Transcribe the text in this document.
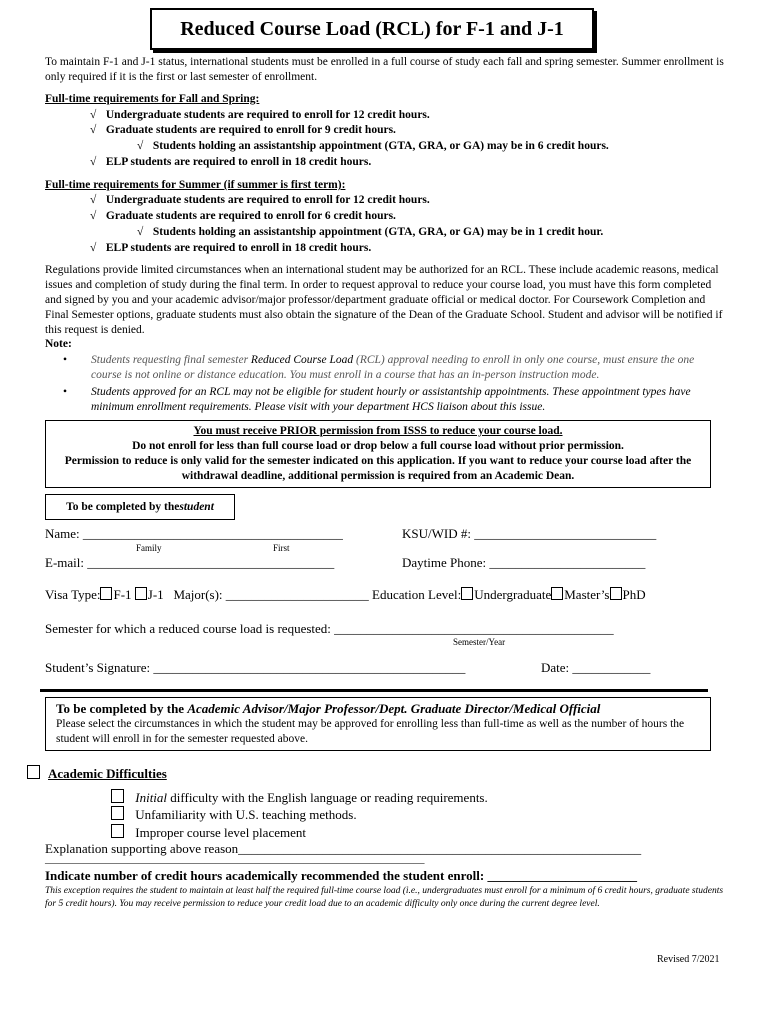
Reduced Course Load (RCL) for F-1 and J-1
To maintain F-1 and J-1 status, international students must be enrolled in a full course of study each fall and spring semester. Summer enrollment is only required if it is the first or last semester of enrollment.
Full-time requirements for Fall and Spring:
√ Undergraduate students are required to enroll for 12 credit hours.
√ Graduate students are required to enroll for 9 credit hours.
√ Students holding an assistantship appointment (GTA, GRA, or GA) may be in 6 credit hours.
√ ELP students are required to enroll in 18 credit hours.
Full-time requirements for Summer (if summer is first term):
√ Undergraduate students are required to enroll for 12 credit hours.
√ Graduate students are required to enroll for 6 credit hours.
√ Students holding an assistantship appointment (GTA, GRA, or GA) may be in 1 credit hour.
√ ELP students are required to enroll in 18 credit hours.
Regulations provide limited circumstances when an international student may be authorized for an RCL. These include academic reasons, medical issues and completion of study during the final term. In order to request approval to reduce your course load, you must have this form completed and signed by you and your academic advisor/major professor/department graduate official or medical doctor. For Coursework Completion and Final Semester options, graduate students must also obtain the signature of the Dean of the Graduate School. Student and advisor will be notified if this request is denied.
Note:
• Students requesting final semester Reduced Course Load (RCL) approval needing to enroll in only one course, must ensure the one course is not online or distance education. You must enroll in a course that has an in-person instruction mode.
• Students approved for an RCL may not be eligible for student hourly or assistantship appointments. These appointment types have minimum enrollment requirements. Please visit with your department HCS liaison about this issue.
You must receive PRIOR permission from ISSS to reduce your course load.
Do not enroll for less than full course load or drop below a full course load without prior permission.
Permission to reduce is only valid for the semester indicated on this application. If you want to reduce your course load after the withdrawal deadline, additional permission is required from an Academic Dean.
To be completed by the student
Name: ________________________________________	KSU/WID #: ____________________________
Family	First
E-mail: ______________________________________	Daytime Phone: ________________________
Visa Type: F-1 J-1 Major(s): ______________________ Education Level: Undergraduate Master’s PhD
Semester for which a reduced course load is requested: ___________________________________________
Semester/Year
Student’s Signature: ________________________________________________	Date: ____________
To be completed by the Academic Advisor/Major Professor/Dept. Graduate Director/Medical Official
Please select the circumstances in which the student may be approved for enrolling less than full-time as well as the number of hours the student will enroll in for the semester requested above.
Academic Difficulties
Initial difficulty with the English language or reading requirements.
Unfamiliarity with U.S. teaching methods.
Improper course level placement
Explanation supporting above reason______________________________________________________________
_____________________________________________________________________
Indicate number of credit hours academically recommended the student enroll: _______________________
This exception requires the student to maintain at least half the required full-time course load (i.e., undergraduates must enroll for a minimum of 6 credit hours, graduate students for 5 credit hours). You may receive permission to reduce your credit load due to an academic difficulty only once during the current degree level.
Revised 7/2021
